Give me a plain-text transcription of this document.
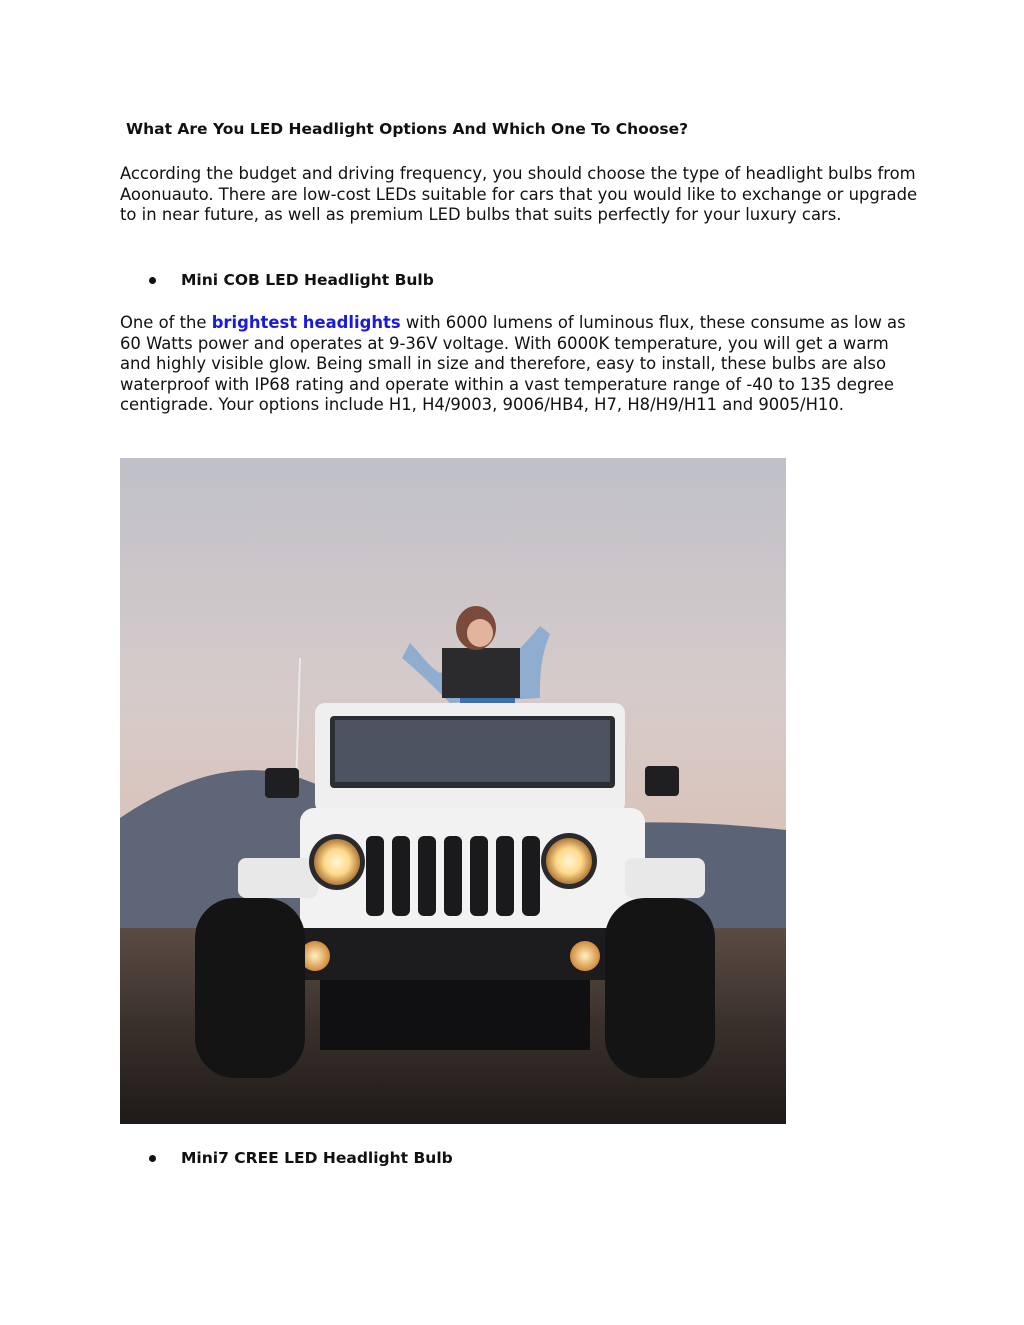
What Are You LED Headlight Options And Which One To Choose?

According the budget and driving frequency, you should choose the type of headlight bulbs from Aoonuauto. There are low-cost LEDs suitable for cars that you would like to exchange or upgrade to in near future, as well as premium LED bulbs that suits perfectly for your luxury cars.

Mini COB LED Headlight Bulb

One of the brightest headlights with 6000 lumens of luminous flux, these consume as low as 60 Watts power and operates at 9-36V voltage. With 6000K temperature, you will get a warm and highly visible glow. Being small in size and therefore, easy to install, these bulbs are also waterproof with IP68 rating and operate within a vast temperature range of -40 to 135 degree centigrade. Your options include H1, H4/9003, 9006/HB4, H7, H8/H9/H11 and 9005/H10.

Mini7 CREE LED Headlight Bulb
